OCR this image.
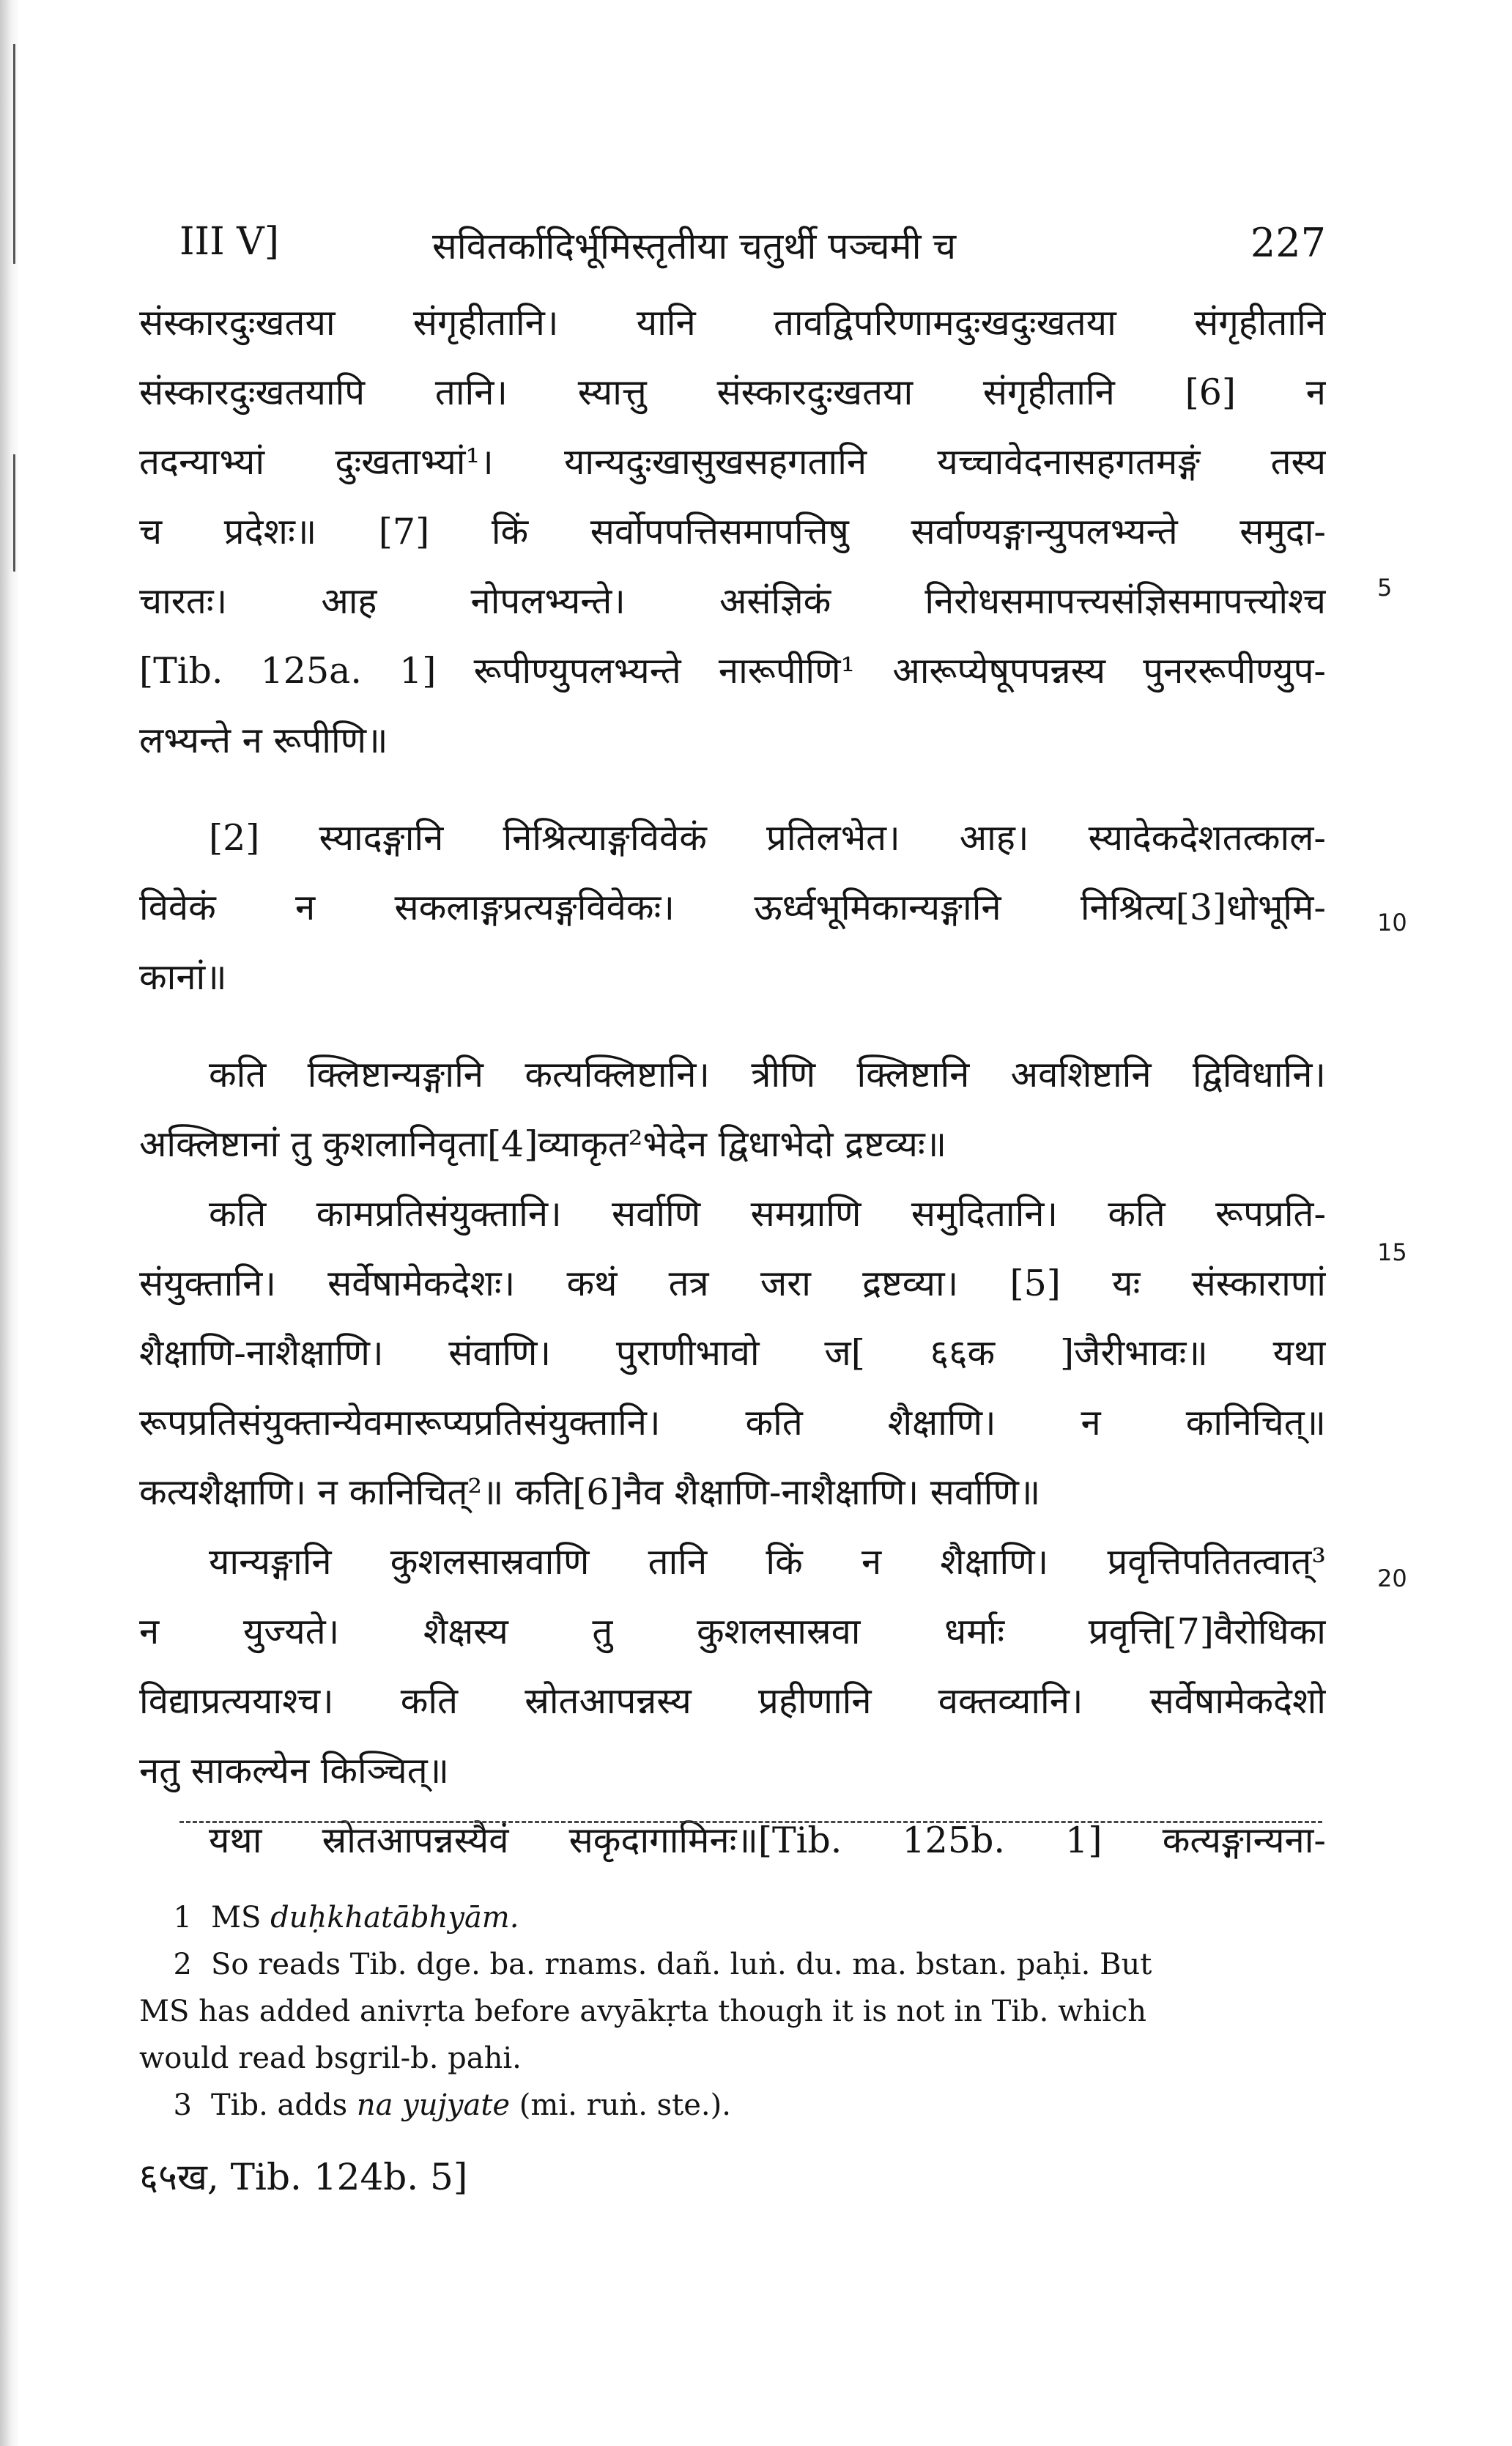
III V]	सवितर्कादिर्भूमिस्तृतीया चतुर्थी पञ्चमी च	227
संस्कारदुःखतया संगृहीतानि। यानि तावद्विपरिणामदुःखदुःखतया संगृहीतानि
संस्कारदुःखतयापि तानि। स्यात्तु संस्कारदुःखतया संगृहीतानि [6] न
तदन्याभ्यां दुःखताभ्यां¹। यान्यदुःखासुखसहगतानि यच्चावेदनासहगतमङ्गं तस्य
च प्रदेशः॥ [7] किं सर्वोपपत्तिसमापत्तिषु सर्वाण्यङ्गान्युपलभ्यन्ते समुदा-
चारतः। आह नोपलभ्यन्ते। असंज्ञिकं निरोधसमापत्त्यसंज्ञिसमापत्त्योश्च
[Tib. 125a. 1] रूपीण्युपलभ्यन्ते नारूपीणि¹ आरूप्येषूपपन्नस्य पुनररूपीण्युप-
लभ्यन्ते न रूपीणि॥
[2] स्यादङ्गानि निश्रित्याङ्गविवेकं प्रतिलभेत। आह। स्यादेकदेशतत्काल-
विवेकं न सकलाङ्गप्रत्यङ्गविवेकः। ऊर्ध्वभूमिकान्यङ्गानि निश्रित्य[3]धोभूमि-
कानां॥
कति क्लिष्टान्यङ्गानि कत्यक्लिष्टानि। त्रीणि क्लिष्टानि अवशिष्टानि द्विविधानि।
अक्लिष्टानां तु कुशलानिवृता[4]व्याकृत²भेदेन द्विधाभेदो द्रष्टव्यः॥
कति कामप्रतिसंयुक्तानि। सर्वाणि समग्राणि समुदितानि। कति रूपप्रति-
संयुक्तानि। सर्वेषामेकदेशः। कथं तत्र जरा द्रष्टव्या। [5] यः संस्काराणां
शैक्षाणि-नाशैक्षाणि। संवाणि। पुराणीभावो ज[ ६६क ]जैरीभावः॥ यथा
रूपप्रतिसंयुक्तान्येवमारूप्यप्रतिसंयुक्तानि। कति शैक्षाणि। न कानिचित्॥
कत्यशैक्षाणि। न कानिचित्²॥ कति[6]नैव शैक्षाणि-नाशैक्षाणि। सर्वाणि॥
यान्यङ्गानि कुशलसास्रवाणि तानि किं न शैक्षाणि। प्रवृत्तिपतितत्वात्³
न युज्यते। शैक्षस्य तु कुशलसास्रवा धर्माः प्रवृत्ति[7]वैरोधिका
विद्याप्रत्ययाश्च। कति स्रोतआपन्नस्य प्रहीणानि वक्तव्यानि। सर्वेषामेकदेशो
नतु साकल्येन किञ्चित्॥
यथा स्रोतआपन्नस्यैवं सकृदागामिनः॥[Tib. 125b. 1] कत्यङ्गान्यना-
5
10
15
20
1 MS duḥkhatābhyām.
2 So reads Tib. dge. ba. rnams. dañ. luṅ. du. ma. bstan. paḥi. But
MS has added anivṛta before avyākṛta though it is not in Tib. which
would read bsgril-b. pahi.
3 Tib. adds na yujyate (mi. ruṅ. ste.).
६५ख, Tib. 124b. 5]
